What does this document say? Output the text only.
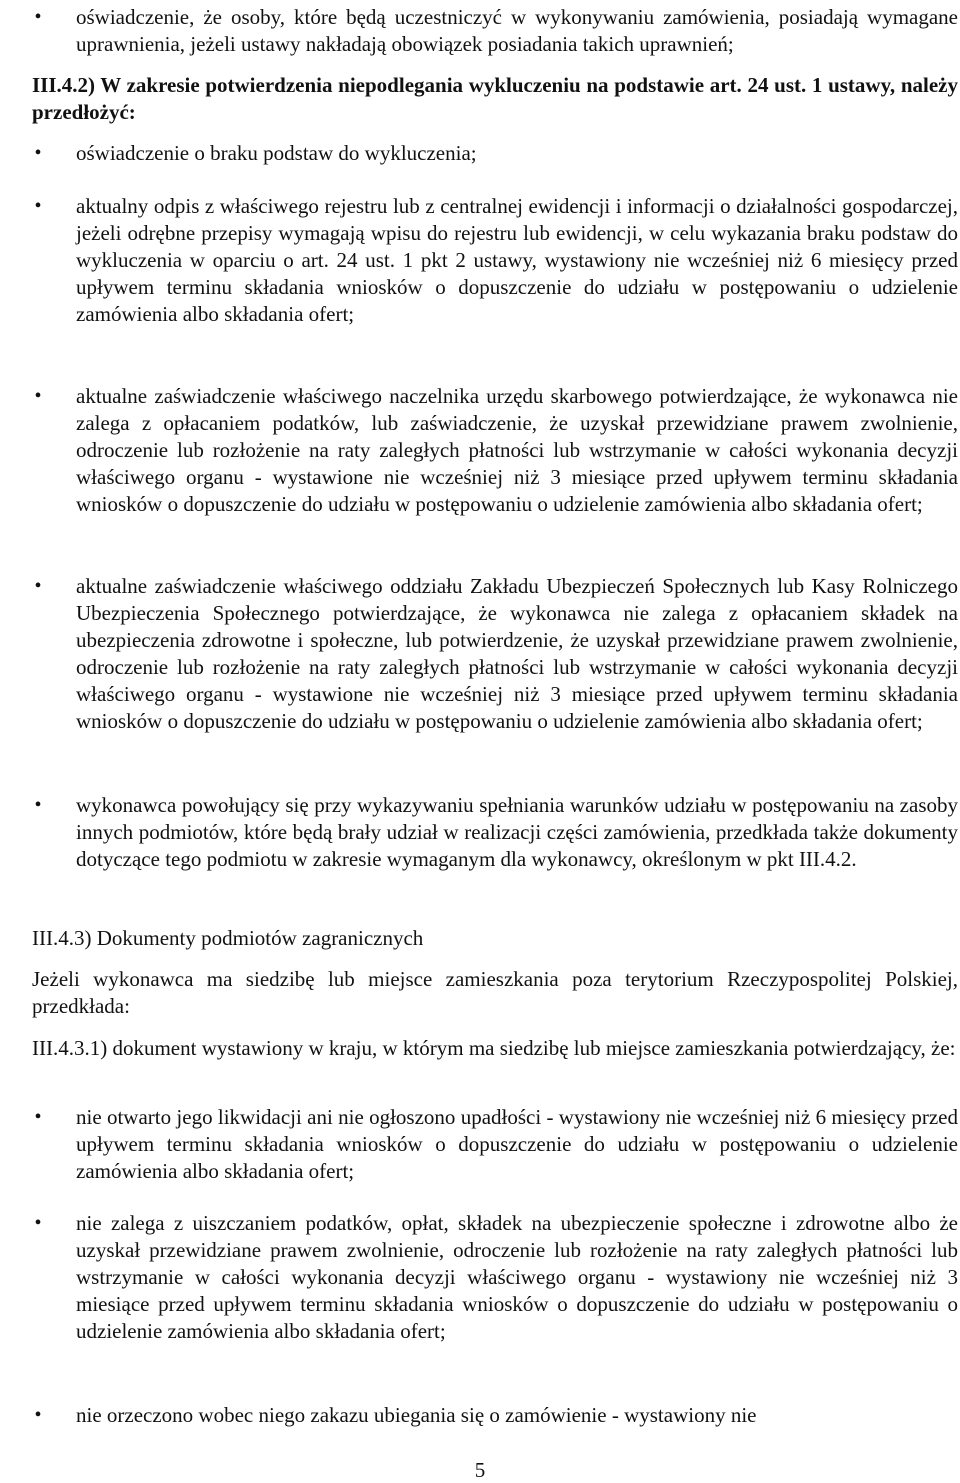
• oświadczenie, że osoby, które będą uczestniczyć w wykonywaniu zamówienia, posiadają wymagane uprawnienia, jeżeli ustawy nakładają obowiązek posiadania takich uprawnień;

III.4.2) W zakresie potwierdzenia niepodlegania wykluczeniu na podstawie art. 24 ust. 1 ustawy, należy przedłożyć:

• oświadczenie o braku podstaw do wykluczenia;
• aktualny odpis z właściwego rejestru lub z centralnej ewidencji i informacji o działalności gospodarczej, jeżeli odrębne przepisy wymagają wpisu do rejestru lub ewidencji, w celu wykazania braku podstaw do wykluczenia w oparciu o art. 24 ust. 1 pkt 2 ustawy, wystawiony nie wcześniej niż 6 miesięcy przed upływem terminu składania wniosków o dopuszczenie do udziału w postępowaniu o udzielenie zamówienia albo składania ofert;
• aktualne zaświadczenie właściwego naczelnika urzędu skarbowego potwierdzające, że wykonawca nie zalega z opłacaniem podatków, lub zaświadczenie, że uzyskał przewidziane prawem zwolnienie, odroczenie lub rozłożenie na raty zaległych płatności lub wstrzymanie w całości wykonania decyzji właściwego organu - wystawione nie wcześniej niż 3 miesiące przed upływem terminu składania wniosków o dopuszczenie do udziału w postępowaniu o udzielenie zamówienia albo składania ofert;
• aktualne zaświadczenie właściwego oddziału Zakładu Ubezpieczeń Społecznych lub Kasy Rolniczego Ubezpieczenia Społecznego potwierdzające, że wykonawca nie zalega z opłacaniem składek na ubezpieczenia zdrowotne i społeczne, lub potwierdzenie, że uzyskał przewidziane prawem zwolnienie, odroczenie lub rozłożenie na raty zaległych płatności lub wstrzymanie w całości wykonania decyzji właściwego organu - wystawione nie wcześniej niż 3 miesiące przed upływem terminu składania wniosków o dopuszczenie do udziału w postępowaniu o udzielenie zamówienia albo składania ofert;
• wykonawca powołujący się przy wykazywaniu spełniania warunków udziału w postępowaniu na zasoby innych podmiotów, które będą brały udział w realizacji części zamówienia, przedkłada także dokumenty dotyczące tego podmiotu w zakresie wymaganym dla wykonawcy, określonym w pkt III.4.2.

III.4.3) Dokumenty podmiotów zagranicznych

Jeżeli wykonawca ma siedzibę lub miejsce zamieszkania poza terytorium Rzeczypospolitej Polskiej, przedkłada:

III.4.3.1) dokument wystawiony w kraju, w którym ma siedzibę lub miejsce zamieszkania potwierdzający, że:

• nie otwarto jego likwidacji ani nie ogłoszono upadłości - wystawiony nie wcześniej niż 6 miesięcy przed upływem terminu składania wniosków o dopuszczenie do udziału w postępowaniu o udzielenie zamówienia albo składania ofert;
• nie zalega z uiszczaniem podatków, opłat, składek na ubezpieczenie społeczne i zdrowotne albo że uzyskał przewidziane prawem zwolnienie, odroczenie lub rozłożenie na raty zaległych płatności lub wstrzymanie w całości wykonania decyzji właściwego organu - wystawiony nie wcześniej niż 3 miesiące przed upływem terminu składania wniosków o dopuszczenie do udziału w postępowaniu o udzielenie zamówienia albo składania ofert;
• nie orzeczono wobec niego zakazu ubiegania się o zamówienie - wystawiony nie
5
